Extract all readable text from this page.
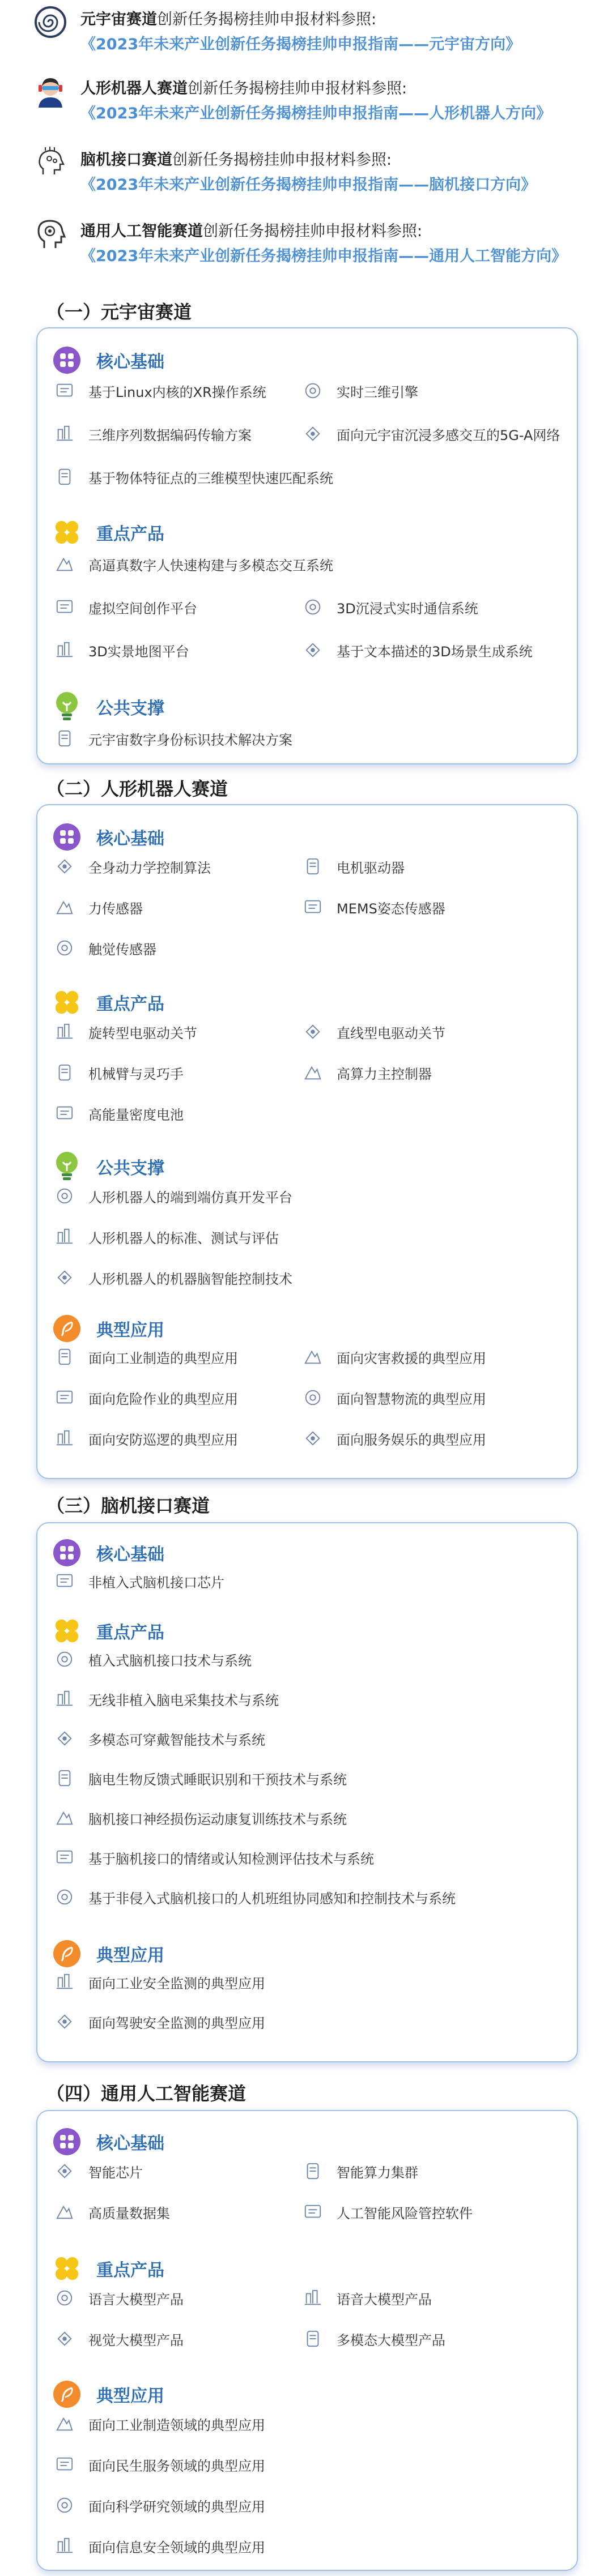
元宇宙赛道创新任务揭榜挂帅申报材料参照:
《2023年未来产业创新任务揭榜挂帅申报指南——元宇宙方向》
人形机器人赛道创新任务揭榜挂帅申报材料参照:
《2023年未来产业创新任务揭榜挂帅申报指南——人形机器人方向》
脑机接口赛道创新任务揭榜挂帅申报材料参照:
《2023年未来产业创新任务揭榜挂帅申报指南——脑机接口方向》
通用人工智能赛道创新任务揭榜挂帅申报材料参照:
《2023年未来产业创新任务揭榜挂帅申报指南——通用人工智能方向》
（一）元宇宙赛道
核心基础
基于Linux内核的XR操作系统	实时三维引擎
三维序列数据编码传输方案	面向元宇宙沉浸多感交互的5G-A网络
基于物体特征点的三维模型快速匹配系统
重点产品
高逼真数字人快速构建与多模态交互系统
虚拟空间创作平台	3D沉浸式实时通信系统
3D实景地图平台	基于文本描述的3D场景生成系统
公共支撑
元宇宙数字身份标识技术解决方案
（二）人形机器人赛道
核心基础
全身动力学控制算法	电机驱动器
力传感器	MEMS姿态传感器
触觉传感器
重点产品
旋转型电驱动关节	直线型电驱动关节
机械臂与灵巧手	高算力主控制器
高能量密度电池
公共支撑
人形机器人的端到端仿真开发平台
人形机器人的标准、测试与评估
人形机器人的机器脑智能控制技术
典型应用
面向工业制造的典型应用	面向灾害救援的典型应用
面向危险作业的典型应用	面向智慧物流的典型应用
面向安防巡逻的典型应用	面向服务娱乐的典型应用
（三）脑机接口赛道
核心基础
非植入式脑机接口芯片
重点产品
植入式脑机接口技术与系统
无线非植入脑电采集技术与系统
多模态可穿戴智能技术与系统
脑电生物反馈式睡眠识别和干预技术与系统
脑机接口神经损伤运动康复训练技术与系统
基于脑机接口的情绪或认知检测评估技术与系统
基于非侵入式脑机接口的人机班组协同感知和控制技术与系统
典型应用
面向工业安全监测的典型应用
面向驾驶安全监测的典型应用
（四）通用人工智能赛道
核心基础
智能芯片	智能算力集群
高质量数据集	人工智能风险管控软件
重点产品
语言大模型产品	语音大模型产品
视觉大模型产品	多模态大模型产品
典型应用
面向工业制造领域的典型应用
面向民生服务领域的典型应用
面向科学研究领域的典型应用
面向信息安全领域的典型应用
